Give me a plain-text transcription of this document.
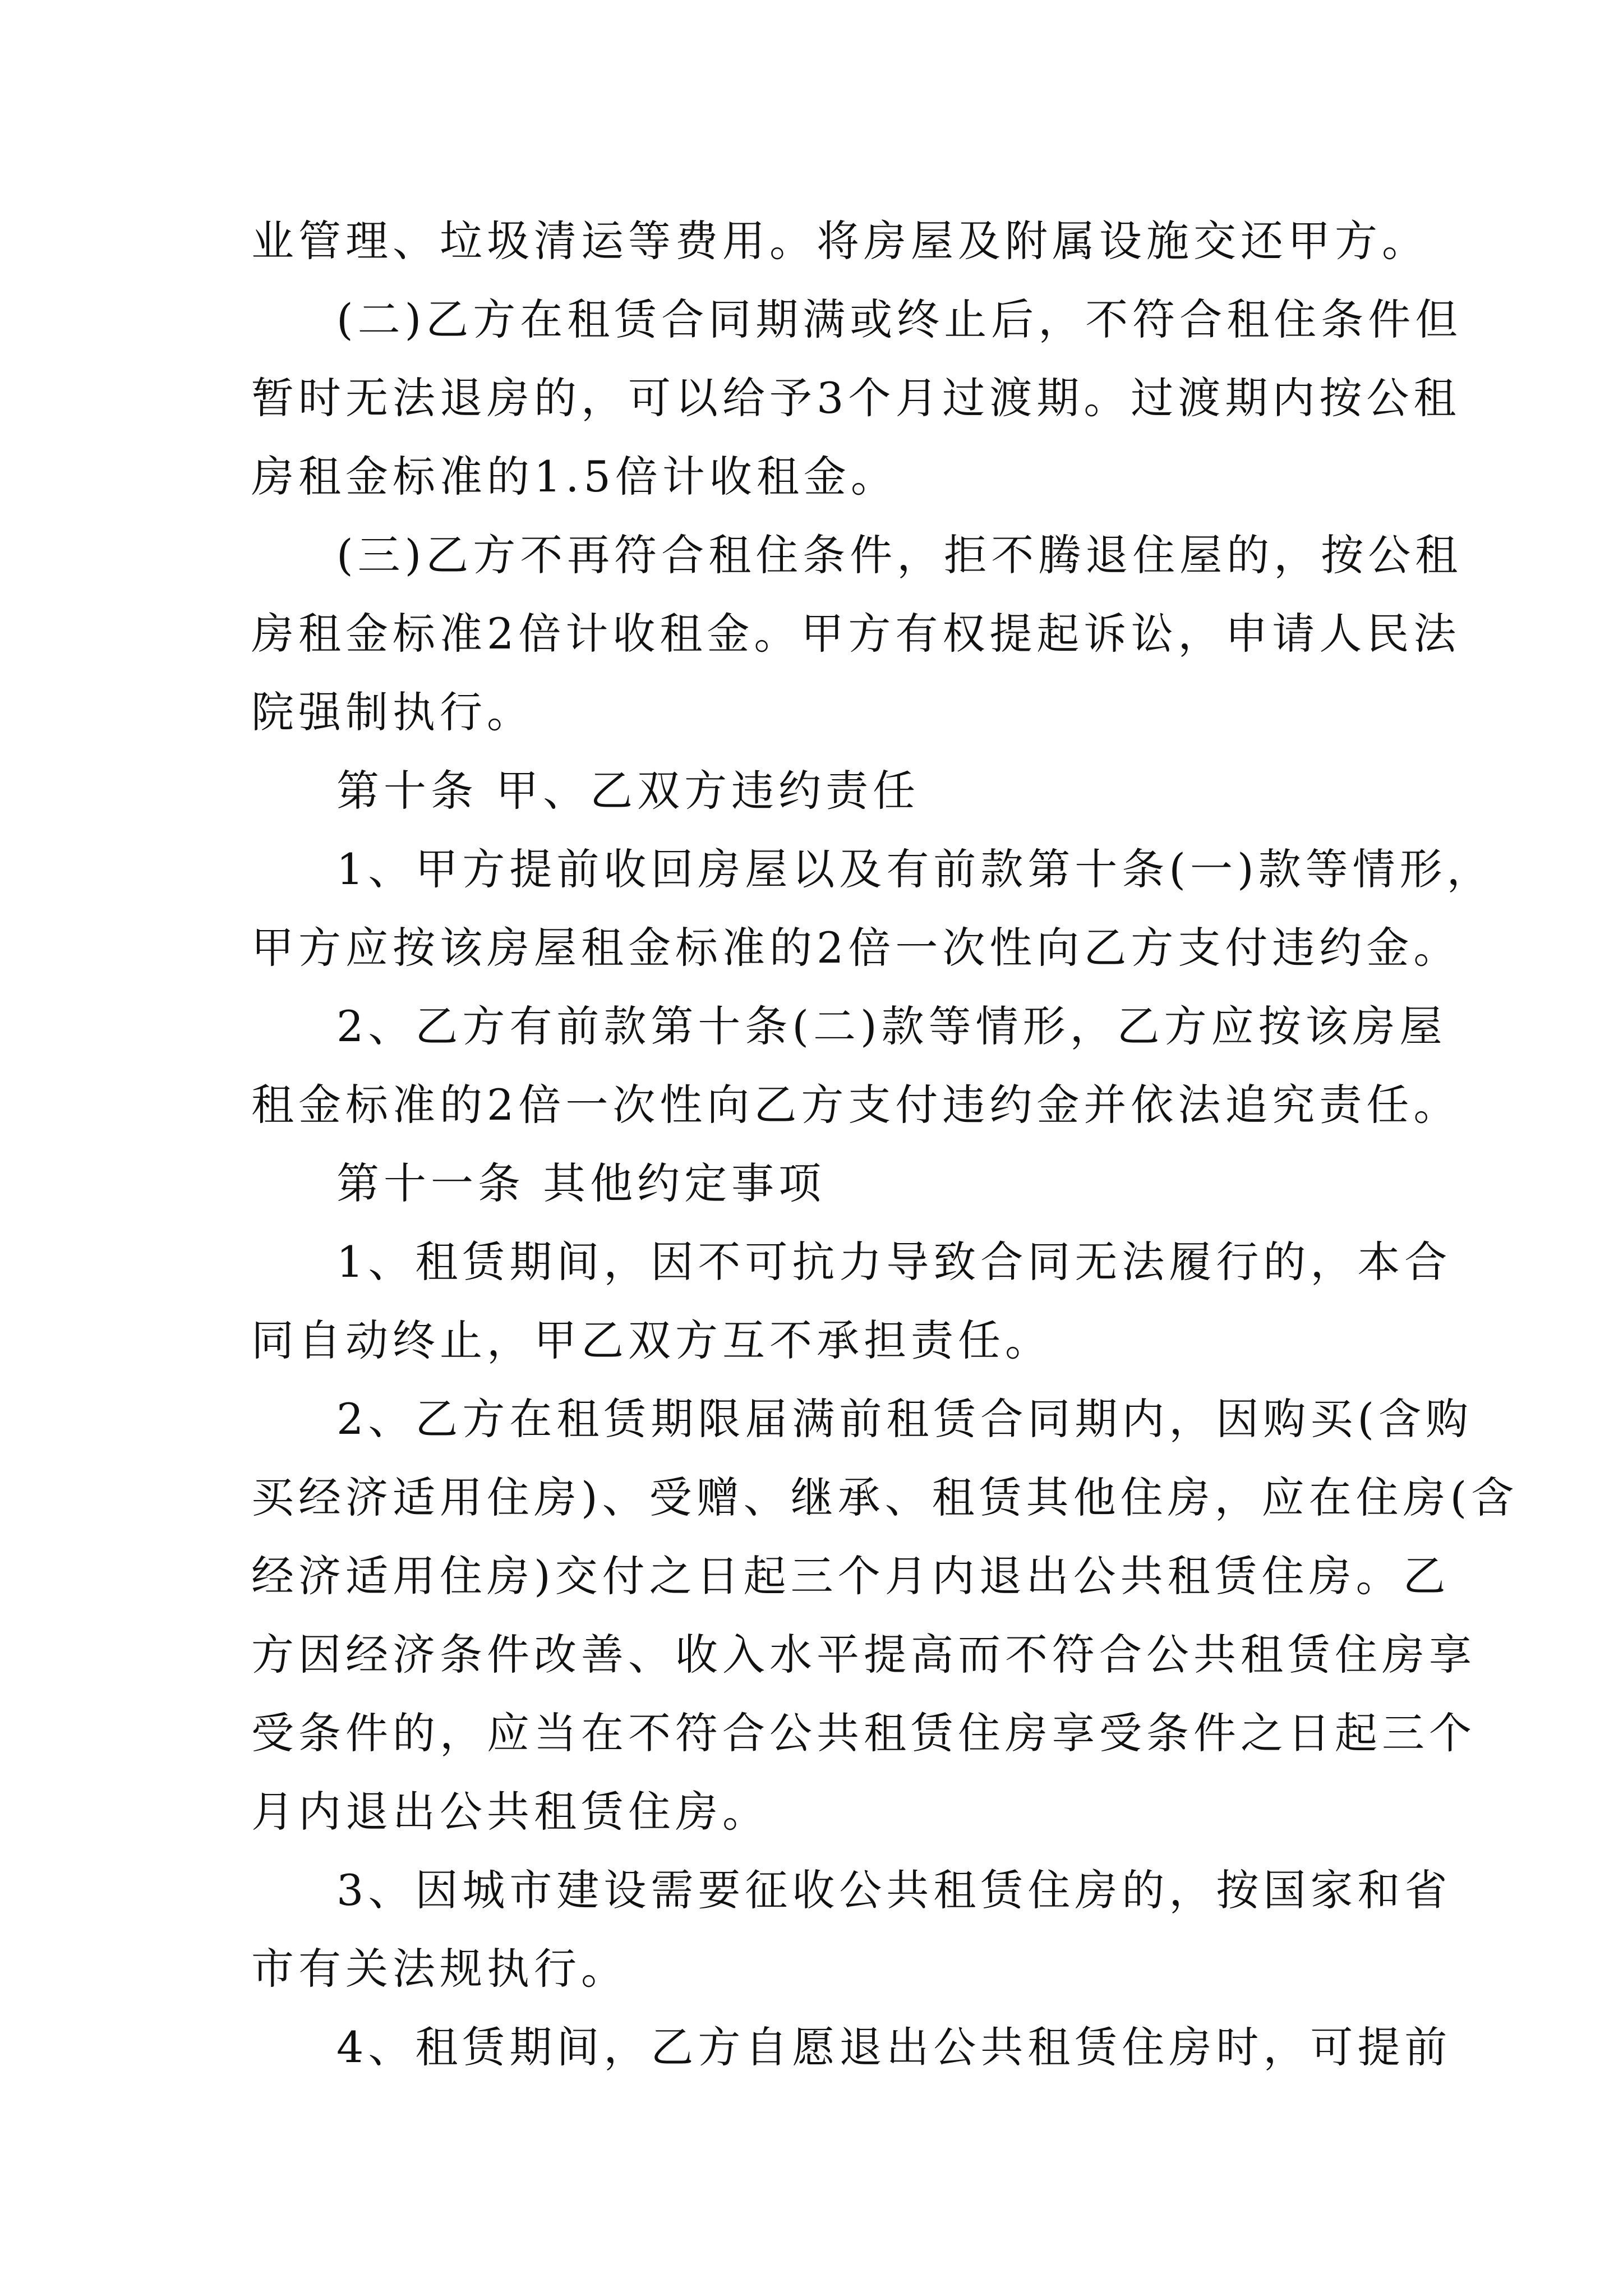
业管理、垃圾清运等费用。将房屋及附属设施交还甲方。

(二)乙方在租赁合同期满或终止后，不符合租住条件但

暂时无法退房的，可以给予3个月过渡期。过渡期内按公租

房租金标准的1.5倍计收租金。

(三)乙方不再符合租住条件，拒不腾退住屋的，按公租

房租金标准2倍计收租金。甲方有权提起诉讼，申请人民法

院强制执行。

第十条 甲、乙双方违约责任

1、甲方提前收回房屋以及有前款第十条(一)款等情形，

甲方应按该房屋租金标准的2倍一次性向乙方支付违约金。

2、乙方有前款第十条(二)款等情形，乙方应按该房屋

租金标准的2倍一次性向乙方支付违约金并依法追究责任。

第十一条 其他约定事项

1、租赁期间，因不可抗力导致合同无法履行的，本合

同自动终止，甲乙双方互不承担责任。

2、乙方在租赁期限届满前租赁合同期内，因购买(含购

买经济适用住房)、受赠、继承、租赁其他住房，应在住房(含

经济适用住房)交付之日起三个月内退出公共租赁住房。乙

方因经济条件改善、收入水平提高而不符合公共租赁住房享

受条件的，应当在不符合公共租赁住房享受条件之日起三个

月内退出公共租赁住房。

3、因城市建设需要征收公共租赁住房的，按国家和省

市有关法规执行。

4、租赁期间，乙方自愿退出公共租赁住房时，可提前
